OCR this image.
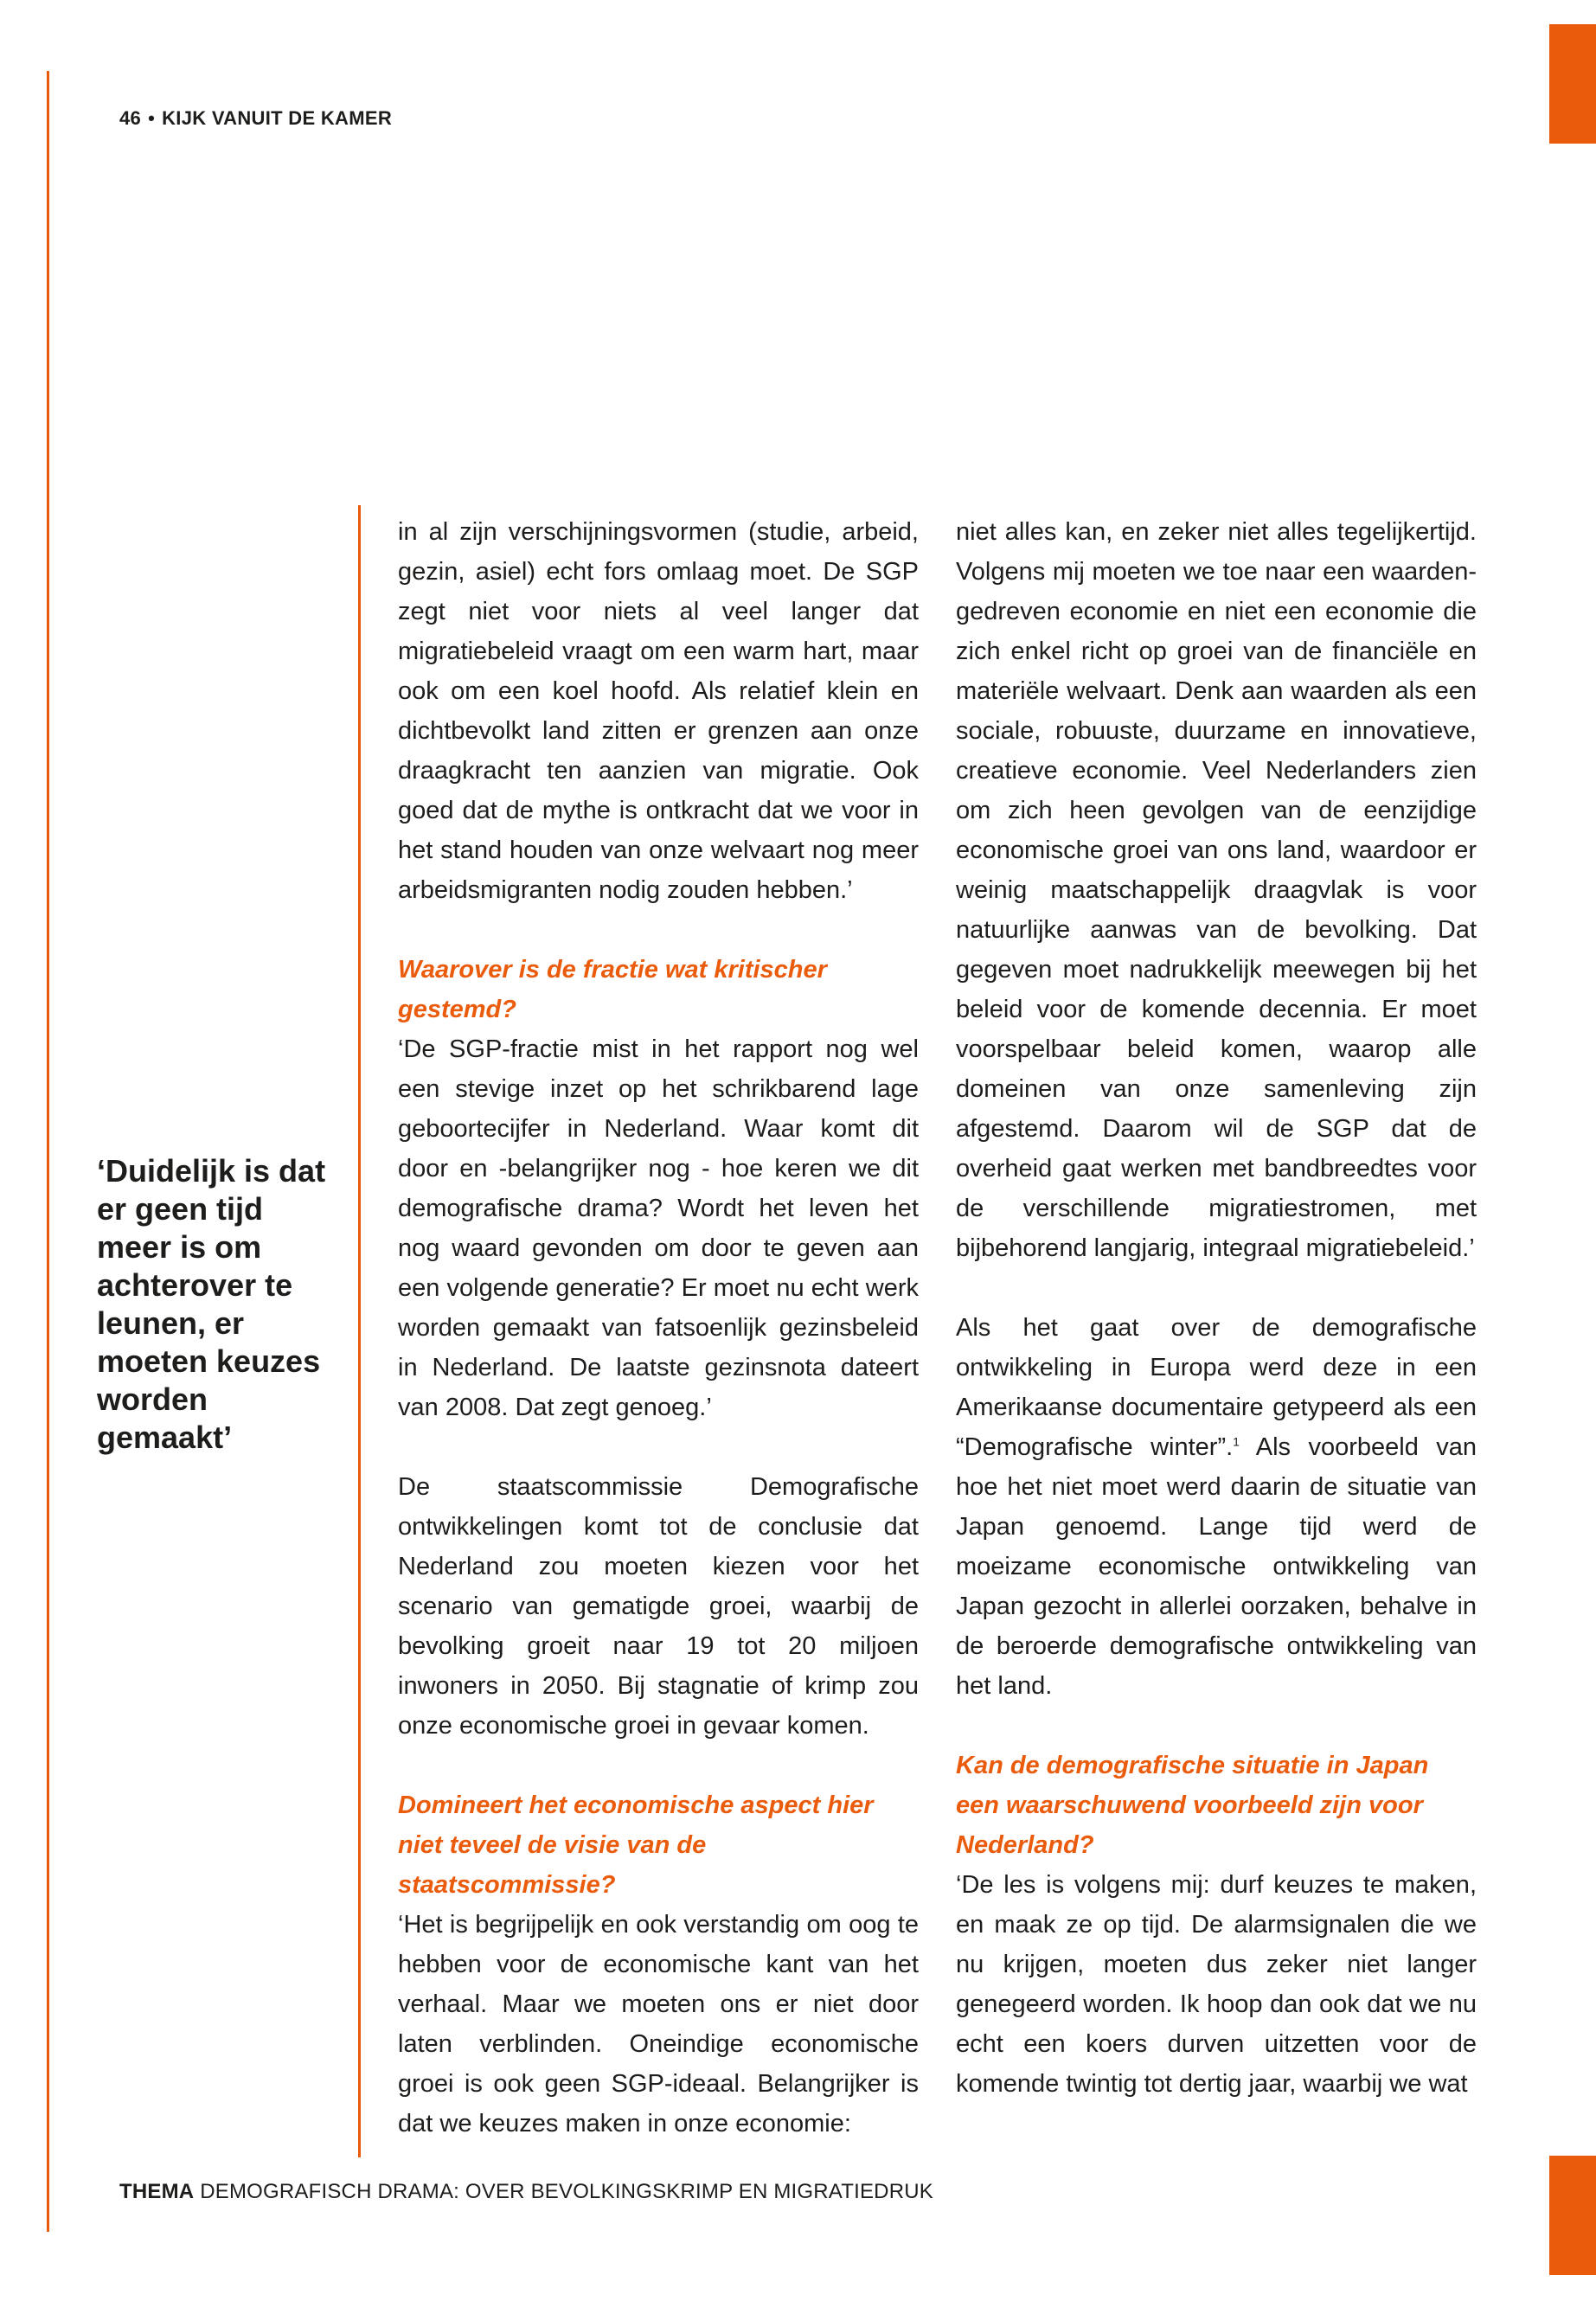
46 • KIJK VANUIT DE KAMER
‘Duidelijk is dat er geen tijd meer is om achterover te leunen, er moeten keuzes worden gemaakt’

in al zijn verschijningsvormen (studie, arbeid, gezin, asiel) echt fors omlaag moet. De SGP zegt niet voor niets al veel langer dat migratiebeleid vraagt om een warm hart, maar ook om een koel hoofd. Als relatief klein en dichtbevolkt land zitten er grenzen aan onze draagkracht ten aanzien van migratie. Ook goed dat de mythe is ontkracht dat we voor in het stand houden van onze welvaart nog meer arbeidsmigranten nodig zouden hebben.’

Waarover is de fractie wat kritischer gestemd?

‘De SGP-fractie mist in het rapport nog wel een stevige inzet op het schrikbarend lage geboortecijfer in Nederland. Waar komt dit door en -belangrijker nog - hoe keren we dit demografische drama? Wordt het leven het nog waard gevonden om door te geven aan een volgende generatie? Er moet nu echt werk worden gemaakt van fatsoenlijk gezinsbeleid in Nederland. De laatste gezinsnota dateert van 2008. Dat zegt genoeg.’

De staatscommissie Demografische ontwikkelingen komt tot de conclusie dat Nederland zou moeten kiezen voor het scenario van gematigde groei, waarbij de bevolking groeit naar 19 tot 20 miljoen inwoners in 2050. Bij stagnatie of krimp zou onze economische groei in gevaar komen.

Domineert het economische aspect hier niet teveel de visie van de staatscommissie?

‘Het is begrijpelijk en ook verstandig om oog te hebben voor de economische kant van het verhaal. Maar we moeten ons er niet door laten verblinden. Oneindige economische groei is ook geen SGP-ideaal. Belangrijker is dat we keuzes maken in onze economie:

niet alles kan, en zeker niet alles tegelijkertijd. Volgens mij moeten we toe naar een waarden-gedreven economie en niet een economie die zich enkel richt op groei van de financiële en materiële welvaart. Denk aan waarden als een sociale, robuuste, duurzame en innovatieve, creatieve economie. Veel Nederlanders zien om zich heen gevolgen van de eenzijdige economische groei van ons land, waardoor er weinig maatschappelijk draagvlak is voor natuurlijke aanwas van de bevolking. Dat gegeven moet nadrukkelijk meewegen bij het beleid voor de komende decennia. Er moet voorspelbaar beleid komen, waarop alle domeinen van onze samenleving zijn afgestemd. Daarom wil de SGP dat de overheid gaat werken met bandbreedtes voor de verschillende migratiestromen, met bijbehorend langjarig, integraal migratiebeleid.’

Als het gaat over de demografische ontwikkeling in Europa werd deze in een Amerikaanse documentaire getypeerd als een “Demografische winter”.$^1$ Als voorbeeld van hoe het niet moet werd daarin de situatie van Japan genoemd. Lange tijd werd de moeizame economische ontwikkeling van Japan gezocht in allerlei oorzaken, behalve in de beroerde demografische ontwikkeling van het land.

Kan de demografische situatie in Japan een waarschuwend voorbeeld zijn voor Nederland?

‘De les is volgens mij: durf keuzes te maken, en maak ze op tijd. De alarmsignalen die we nu krijgen, moeten dus zeker niet langer genegeerd worden. Ik hoop dan ook dat we nu echt een koers durven uitzetten voor de komende twintig tot dertig jaar, waarbij we wat

THEMA DEMOGRAFISCH DRAMA: OVER BEVOLKINGSKRIMP EN MIGRATIEDRUK
